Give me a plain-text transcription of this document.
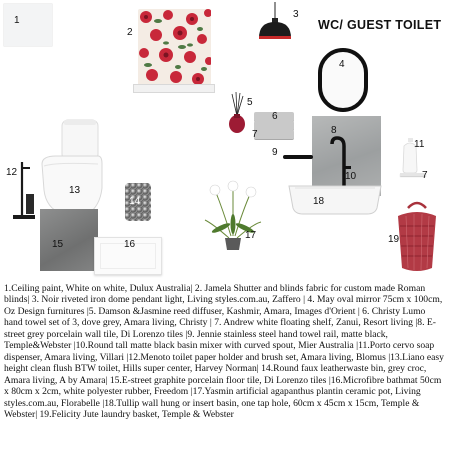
WC/ GUEST TOILET
1
2
3
4
5
6
7	8
10
18
9
11
7
12
13
14
15	16
17	19
1.Ceiling paint, White on white, Dulux Australia| 2. Jamela Shutter and blinds fabric for custom made Roman blinds| 3. Noir riveted iron dome pendant light, Living styles.com.au, Zaffero | 4. May oval mirror 75cm x 100cm, Oz Design furnitures |5. Damson &Jasmine reed diffuser, Kashmir, Amara, Images d'Orient | 6. Christy Lumo hand towel set of 3, dove grey, Amara living, Christy | 7. Andrew white floating shelf, Zanui, Resort living |8. E-street grey porcelain wall tile, Di Lorenzo tiles |9. Jennie stainless steel hand towel rail, matte black, Temple&Webster |10.Round tall matte black basin mixer with curved spout, Mier Australia |11.Porto cervo soap dispenser, Amara living, Villari |12.Menoto toilet paper holder and brush set, Amara living, Blomus |13.Liano easy height clean flush BTW toilet, Hills super center, Harvey Norman| 14.Round faux leatherwaste bin, grey croc, Amara living, A by Amara| 15.E-street graphite porcelain floor tile, Di Lorenzo tiles |16.Microfibre bathmat 50cm x 80cm x 2cm, white polyester rubber, Freedom |17.Yasmin artificial agapanthus plantin ceramic pot, Living styles.com.au, Florabelle |18.Tullip wall hung or insert basin, one tap hole, 60cm x 45cm x 15cm, Temple & Webster| 19.Felicity Jute laundry basket, Temple & Webster
